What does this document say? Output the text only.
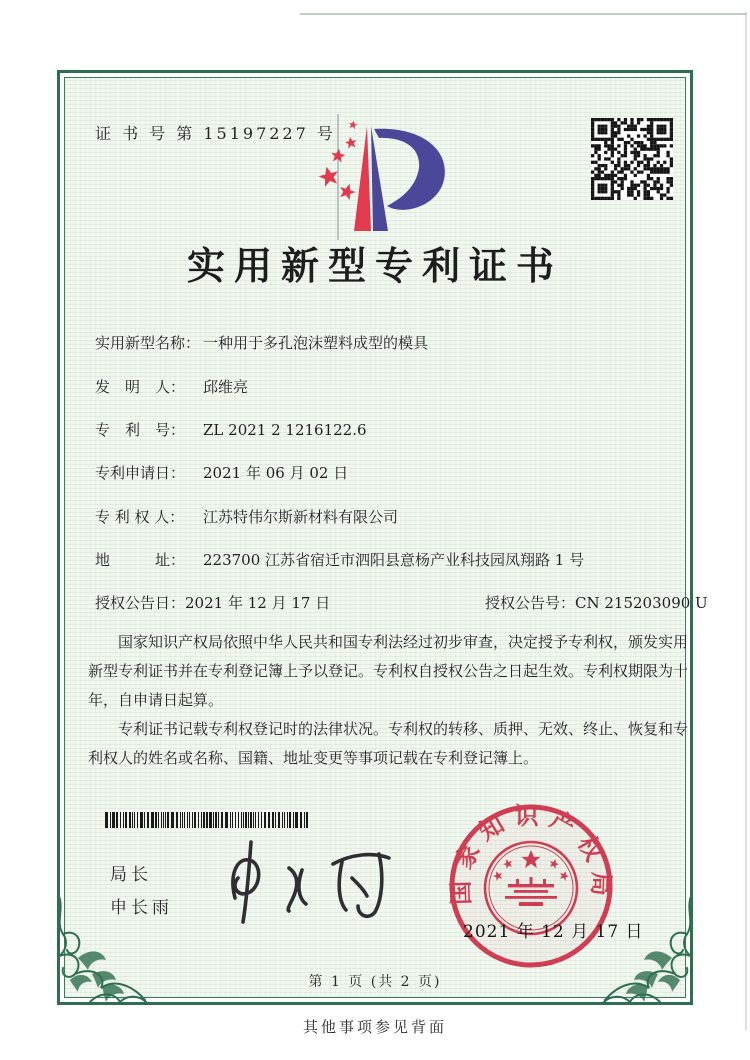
证 书 号 第 15197227 号
实用新型专利证书
实用新型名称： 一种用于多孔泡沫塑料成型的模具
发　明　人： 邱维亮
专　利　号： ZL 2021 2 1216122.6
专利申请日： 2021 年 06 月 02 日
专 利 权 人： 江苏特伟尔斯新材料有限公司
地　　　址： 223700 江苏省宿迁市泗阳县意杨产业科技园凤翔路 1 号
授权公告日：2021 年 12 月 17 日	授权公告号：CN 215203090 U

国家知识产权局依照中华人民共和国专利法经过初步审查，决定授予专利权，颁发实用新型专利证书并在专利登记簿上予以登记。专利权自授权公告之日起生效。专利权期限为十年，自申请日起算。

专利证书记载专利权登记时的法律状况。专利权的转移、质押、无效、终止、恢复和专利权人的姓名或名称、国籍、地址变更等事项记载在专利登记簿上。

局长
申长雨
国家知识产权局
2021 年 12 月 17 日
第 1 页 (共 2 页)
其他事项参见背面
